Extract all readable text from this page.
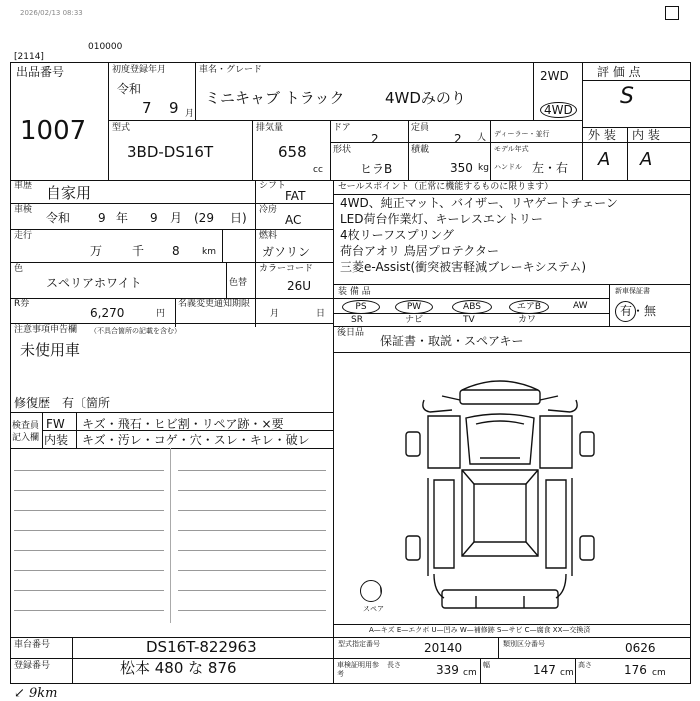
2026/02/13 08:33
010000
[2114]
出品番号
1007
初度登録年月
令和
7 9 月
車名・グレード
ミニキャブ トラック	4WDみのり
2WD
4WD
評 価 点
S
外 装 内 装
A A
型式
3BD-DS16T
排気量
658
cc
ドア
2
定員
2 人 ディーラー・並行
形状
ヒラB
積載
350 kg
モデル年式
ハンドル 左・右
車歴 自家用	シフト
FAT
車検
令和 9 年 9 月 (29 日)
冷房
AC
走行
万 千 8 km
燃料
ガソリン
色
スペリアホワイト	色替
カラーコード
26U
R券
6,270	円
名義変更通知期限
月	日
注意事項申告欄 （不具合箇所の記載を含む）
未使用車
修復歴 有〔箇所
検査員記入欄
FW キズ・飛石・ヒビ割・リペア跡・×要
内装 キズ・汚レ・コゲ・穴・スレ・キレ・破レ
セールスポイント（正常に機能するものに限ります）
4WD、純正マット、バイザー、リヤゲートチェーン
LED荷台作業灯、キーレスエントリー
4枚リーフスプリング
荷台アオリ 鳥居プロテクター
三菱e-Assist(衝突被害軽減ブレーキシステム)
装 備 品
PS	PW	ABS	エアB	AW
SR	ナビ	TV	カワ
新車保証書
有・無
後日品
保証書・取説・スペアキー
スペア
A—キズ E—エクボ U—凹み W—補修跡 S—サビ C—腐食 XX—交換済
車台番号	DS16T-822963
登録番号	松本 480 な 876
型式指定番号	20140	類別区分番号	0626
車検証明用参考
長さ	339 cm
幅	147 cm
高さ	176 cm
↙ 9km
